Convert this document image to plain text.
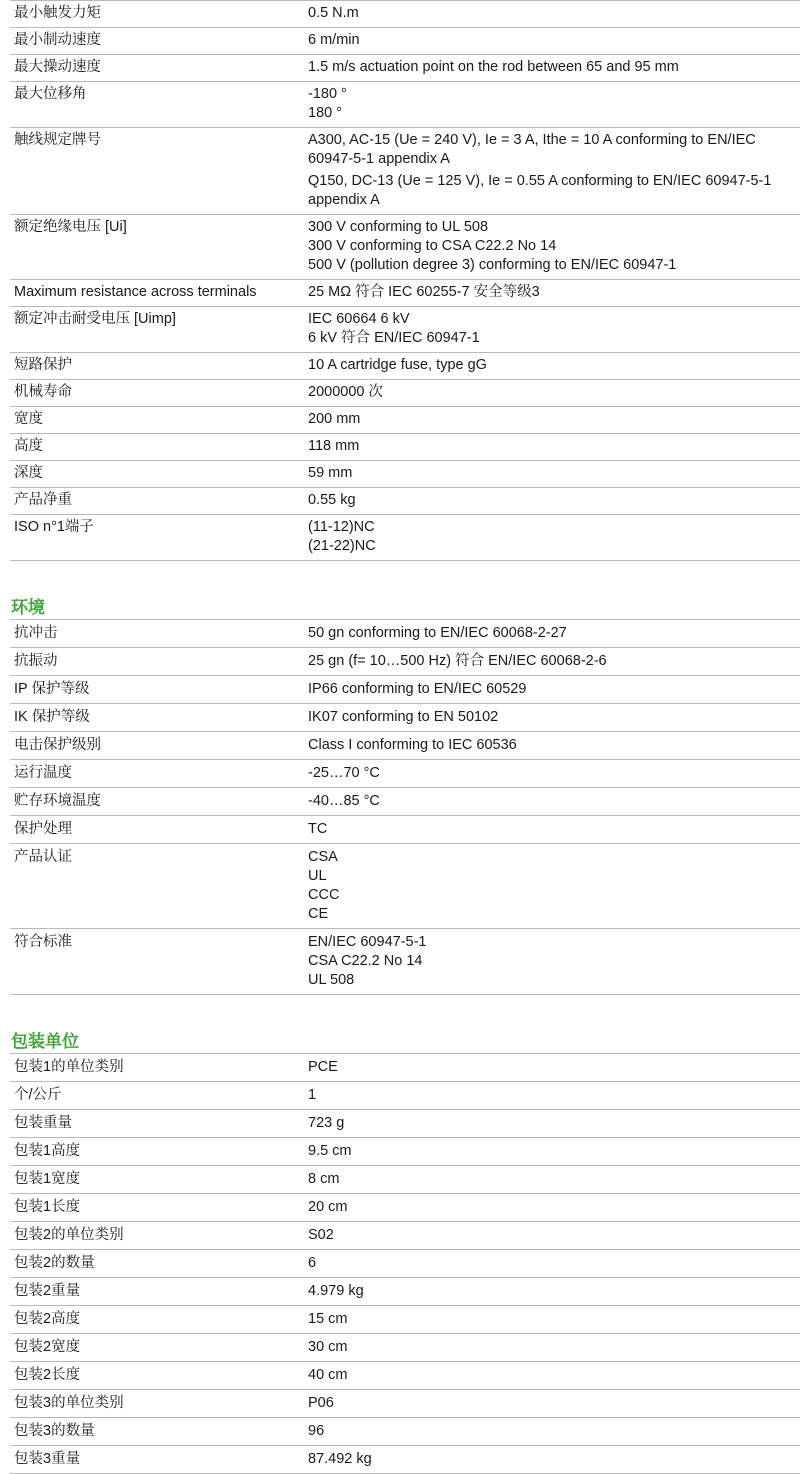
最小触发力矩	0.5 N.m

最小制动速度	6 m/min

最大操动速度	1.5 m/s actuation point on the rod between 65 and 95 mm

最大位移角	-180 °
180 °

触线规定牌号	A300, AC-15 (Ue = 240 V), Ie = 3 A, Ithe = 10 A conforming to EN/IEC 60947-5-1 appendix A
Q150, DC-13 (Ue = 125 V), Ie = 0.55 A conforming to EN/IEC 60947-5-1 appendix A

额定绝缘电压 [Ui]	300 V conforming to UL 508
300 V conforming to CSA C22.2 No 14
500 V (pollution degree 3) conforming to EN/IEC 60947-1

Maximum resistance across terminals	25 MΩ 符合 IEC 60255-7 安全等级3

额定冲击耐受电压 [Uimp]	IEC 60664 6 kV
6 kV 符合 EN/IEC 60947-1

短路保护	10 A cartridge fuse, type gG

机械寿命	2000000 次

宽度	200 mm

高度	118 mm

深度	59 mm

产品净重	0.55 kg

ISO n°1端子	(11-12)NC
(21-22)NC
环境
抗冲击	50 gn conforming to EN/IEC 60068-2-27

抗振动	25 gn (f= 10…500 Hz) 符合 EN/IEC 60068-2-6

IP 保护等级	IP66 conforming to EN/IEC 60529

IK 保护等级	IK07 conforming to EN 50102

电击保护级别	Class I conforming to IEC 60536

运行温度	-25…70 °C

贮存环境温度	-40…85 °C

保护处理	TC

产品认证	CSA
UL
CCC
CE

符合标准	EN/IEC 60947-5-1
CSA C22.2 No 14
UL 508
包装单位
包装1的单位类别	PCE

个/公斤	1

包装重量	723 g

包装1高度	9.5 cm

包装1宽度	8 cm

包装1长度	20 cm

包装2的单位类别	S02

包装2的数量	6

包装2重量	4.979 kg

包装2高度	15 cm

包装2宽度	30 cm

包装2长度	40 cm

包装3的单位类别	P06

包装3的数量	96

包装3重量	87.492 kg
